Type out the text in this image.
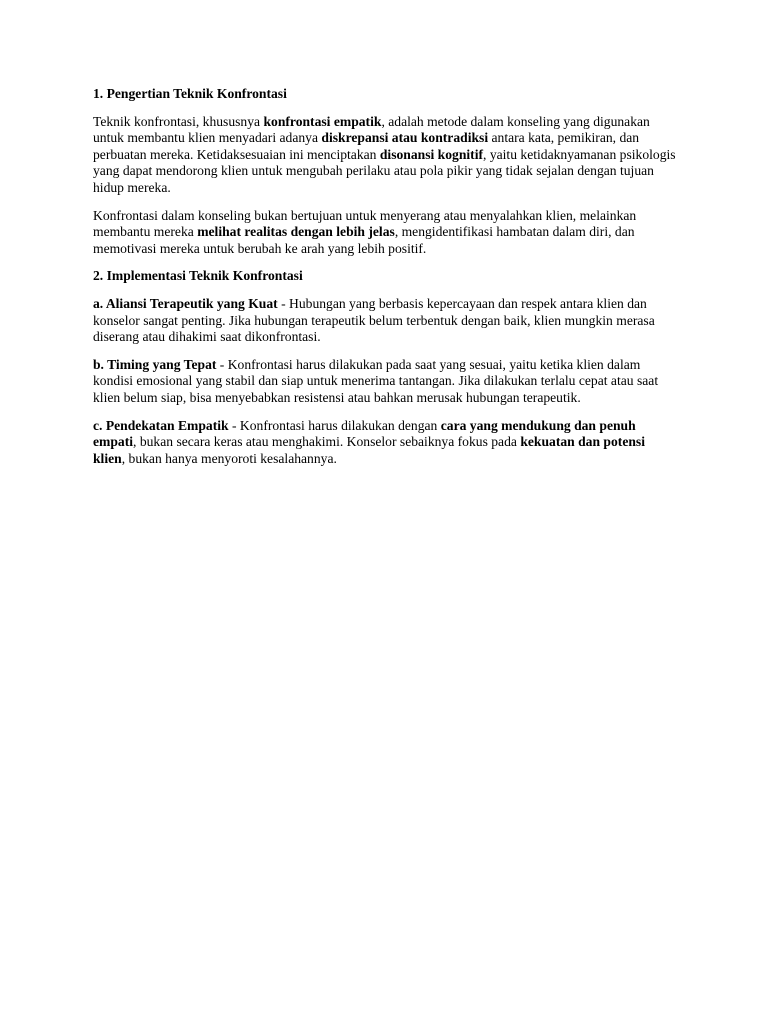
1. Pengertian Teknik Konfrontasi

Teknik konfrontasi, khususnya konfrontasi empatik, adalah metode dalam konseling yang digunakan untuk membantu klien menyadari adanya diskrepansi atau kontradiksi antara kata, pemikiran, dan perbuatan mereka. Ketidaksesuaian ini menciptakan disonansi kognitif, yaitu ketidaknyamanan psikologis yang dapat mendorong klien untuk mengubah perilaku atau pola pikir yang tidak sejalan dengan tujuan hidup mereka.

Konfrontasi dalam konseling bukan bertujuan untuk menyerang atau menyalahkan klien, melainkan membantu mereka melihat realitas dengan lebih jelas, mengidentifikasi hambatan dalam diri, dan memotivasi mereka untuk berubah ke arah yang lebih positif.

2. Implementasi Teknik Konfrontasi

a. Aliansi Terapeutik yang Kuat - Hubungan yang berbasis kepercayaan dan respek antara klien dan konselor sangat penting. Jika hubungan terapeutik belum terbentuk dengan baik, klien mungkin merasa diserang atau dihakimi saat dikonfrontasi.

b. Timing yang Tepat - Konfrontasi harus dilakukan pada saat yang sesuai, yaitu ketika klien dalam kondisi emosional yang stabil dan siap untuk menerima tantangan. Jika dilakukan terlalu cepat atau saat klien belum siap, bisa menyebabkan resistensi atau bahkan merusak hubungan terapeutik.

c. Pendekatan Empatik - Konfrontasi harus dilakukan dengan cara yang mendukung dan penuh empati, bukan secara keras atau menghakimi. Konselor sebaiknya fokus pada kekuatan dan potensi klien, bukan hanya menyoroti kesalahannya.
